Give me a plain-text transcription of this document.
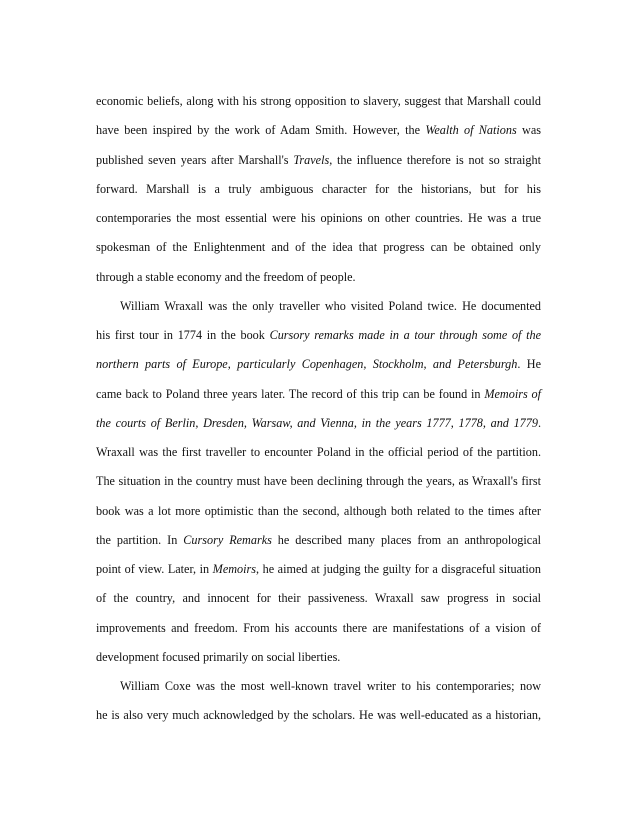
economic beliefs, along with his strong opposition to slavery, suggest that Marshall could

have been inspired by the work of Adam Smith. However, the Wealth of Nations was

published seven years after Marshall's Travels, the influence therefore is not so straight

forward. Marshall is a truly ambiguous character for the historians, but for his

contemporaries the most essential were his opinions on other countries. He was a true

spokesman of the Enlightenment and of the idea that progress can be obtained only

through a stable economy and the freedom of people.

William Wraxall was the only traveller who visited Poland twice. He documented

his first tour in 1774 in the book Cursory remarks made in a tour through some of the

northern parts of Europe, particularly Copenhagen, Stockholm, and Petersburgh. He

came back to Poland three years later. The record of this trip can be found in Memoirs of

the courts of Berlin, Dresden, Warsaw, and Vienna, in the years 1777, 1778, and 1779.

Wraxall was the first traveller to encounter Poland in the official period of the partition.

The situation in the country must have been declining through the years, as Wraxall's first

book was a lot more optimistic than the second, although both related to the times after

the partition. In Cursory Remarks he described many places from an anthropological

point of view. Later, in Memoirs, he aimed at judging the guilty for a disgraceful situation

of the country, and innocent for their passiveness. Wraxall saw progress in social

improvements and freedom. From his accounts there are manifestations of a vision of

development focused primarily on social liberties.

William Coxe was the most well-known travel writer to his contemporaries; now

he is also very much acknowledged by the scholars. He was well-educated as a historian,
